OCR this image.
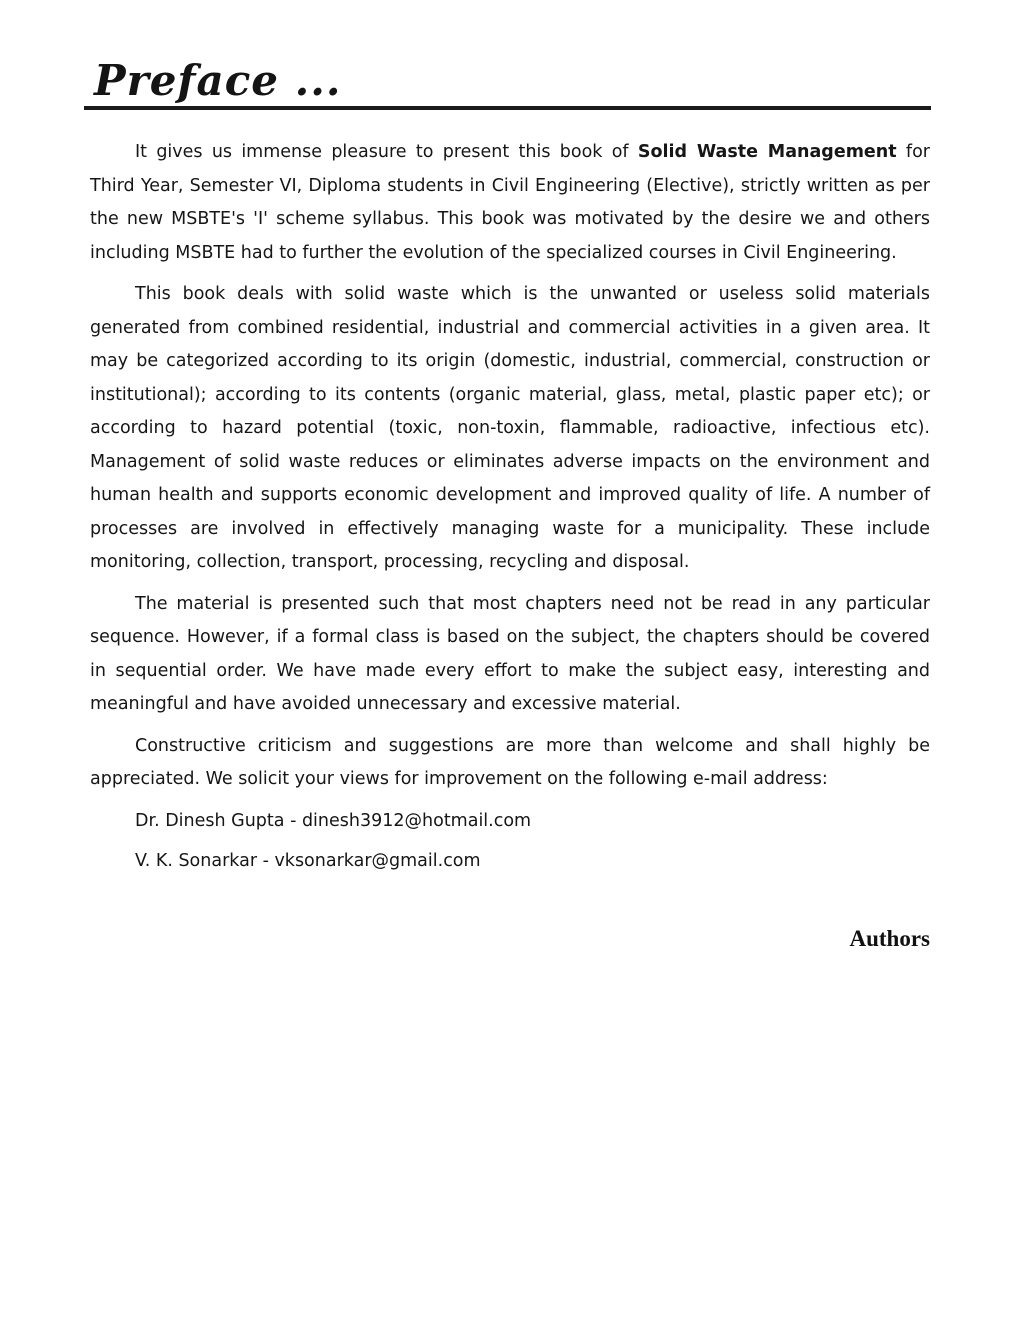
Preface ...

It gives us immense pleasure to present this book of Solid Waste Management for Third Year, Semester VI, Diploma students in Civil Engineering (Elective), strictly written as per the new MSBTE's 'I' scheme syllabus. This book was motivated by the desire we and others including MSBTE had to further the evolution of the specialized courses in Civil Engineering.

This book deals with solid waste which is the unwanted or useless solid materials generated from combined residential, industrial and commercial activities in a given area. It may be categorized according to its origin (domestic, industrial, commercial, construction or institutional); according to its contents (organic material, glass, metal, plastic paper etc); or according to hazard potential (toxic, non-toxin, flammable, radioactive, infectious etc). Management of solid waste reduces or eliminates adverse impacts on the environment and human health and supports economic development and improved quality of life. A number of processes are involved in effectively managing waste for a municipality. These include monitoring, collection, transport, processing, recycling and disposal.

The material is presented such that most chapters need not be read in any particular sequence. However, if a formal class is based on the subject, the chapters should be covered in sequential order. We have made every effort to make the subject easy, interesting and meaningful and have avoided unnecessary and excessive material.

Constructive criticism and suggestions are more than welcome and shall highly be appreciated. We solicit your views for improvement on the following e-mail address:

Dr. Dinesh Gupta - dinesh3912@hotmail.com

V. K. Sonarkar - vksonarkar@gmail.com

Authors
